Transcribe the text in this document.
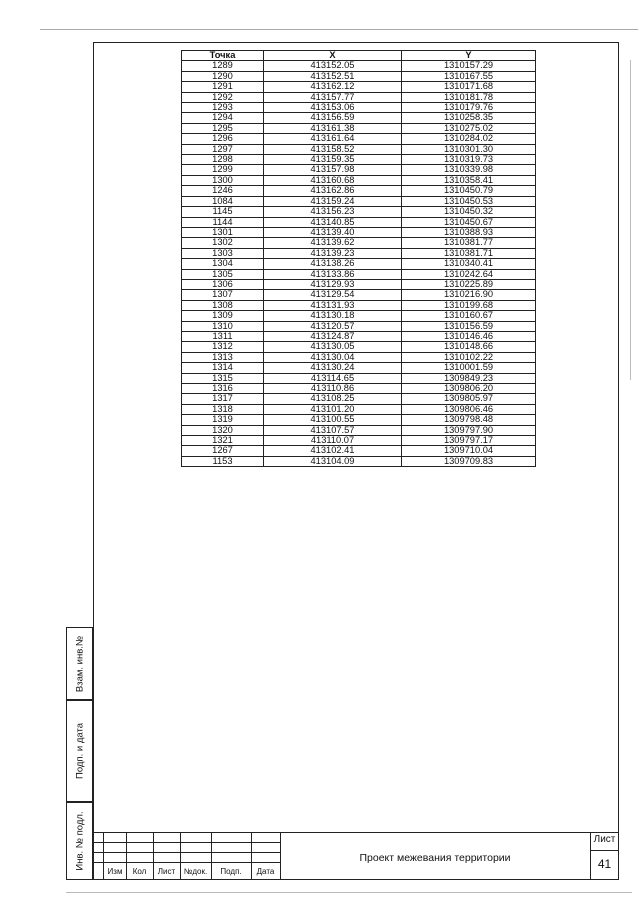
Точка	X	Y
1289	413152.05	1310157.29
1290	413152.51	1310167.55
1291	413162.12	1310171.68
1292	413157.77	1310181.78
1293	413153.06	1310179.76
1294	413156.59	1310258.35
1295	413161.38	1310275.02
1296	413161.64	1310284.02
1297	413158.52	1310301.30
1298	413159.35	1310319.73
1299	413157.98	1310339.98
1300	413160.68	1310358.41
1246	413162.86	1310450.79
1084	413159.24	1310450.53
1145	413156.23	1310450.32
1144	413140.85	1310450.67
1301	413139.40	1310388.93
1302	413139.62	1310381.77
1303	413139.23	1310381.71
1304	413138.26	1310340.41
1305	413133.86	1310242.64
1306	413129.93	1310225.89
1307	413129.54	1310216.90
1308	413131.93	1310199.68
1309	413130.18	1310160.67
1310	413120.57	1310156.59
1311	413124.87	1310146.46
1312	413130.05	1310148.66
1313	413130.04	1310102.22
1314	413130.24	1310001.59
1315	413114.65	1309849.23
1316	413110.86	1309806.20
1317	413108.25	1309805.97
1318	413101.20	1309806.46
1319	413100.55	1309798.48
1320	413107.57	1309797.90
1321	413110.07	1309797.17
1267	413102.41	1309710.04
1153	413104.09	1309709.83
Взам. инв.№
Подп. и дата
Инв. № подл.
Изм	Кол	Лист	№док.	Подп.	Дата
Проект межевания территории
Лист
41
